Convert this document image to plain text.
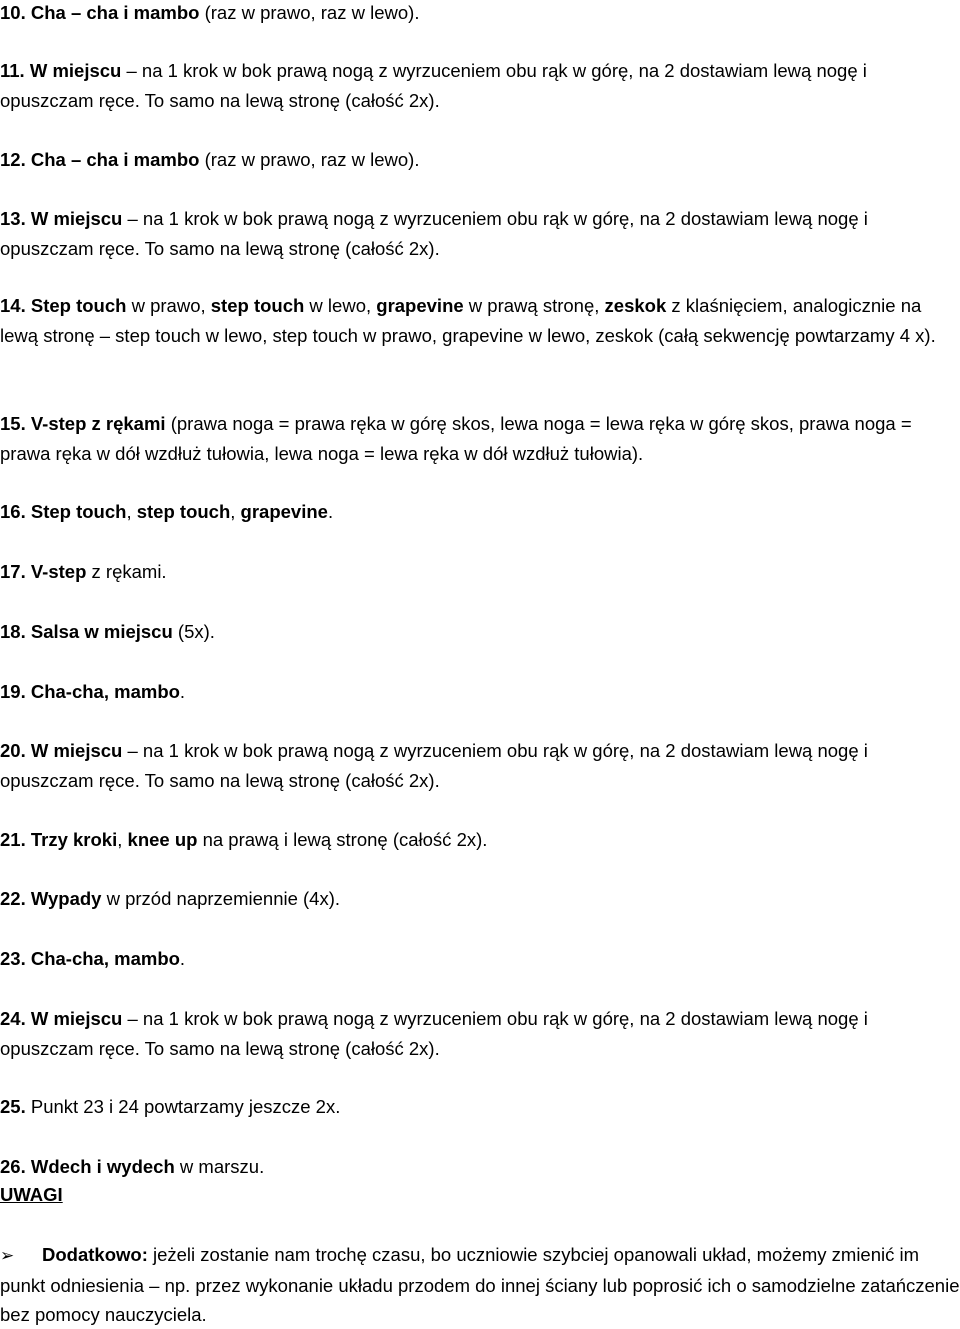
10. Cha – cha i mambo (raz w prawo, raz w lewo).
11. W miejscu – na 1 krok w bok prawą nogą z wyrzuceniem obu rąk w górę, na 2 dostawiam lewą nogę i opuszczam ręce. To samo na lewą stronę (całość 2x).
12. Cha – cha i mambo (raz w prawo, raz w lewo).
13. W miejscu – na 1 krok w bok prawą nogą z wyrzuceniem obu rąk w górę, na 2 dostawiam lewą nogę i opuszczam ręce. To samo na lewą stronę (całość 2x).
14. Step touch w prawo, step touch w lewo, grapevine w prawą stronę, zeskok z klaśnięciem, analogicznie na lewą stronę – step touch w lewo, step touch w prawo, grapevine w lewo, zeskok (całą sekwencję powtarzamy 4 x).
15. V-step z rękami (prawa noga = prawa ręka w górę skos, lewa noga = lewa ręka w górę skos, prawa noga = prawa ręka w dół wzdłuż tułowia, lewa noga = lewa ręka w dół wzdłuż tułowia).
16. Step touch, step touch, grapevine.
17. V-step z rękami.
18. Salsa w miejscu (5x).
19. Cha-cha, mambo.
20. W miejscu – na 1 krok w bok prawą nogą z wyrzuceniem obu rąk w górę, na 2 dostawiam lewą nogę i opuszczam ręce. To samo na lewą stronę (całość 2x).
21. Trzy kroki, knee up na prawą i lewą stronę (całość 2x).
22. Wypady w przód naprzemiennie (4x).
23. Cha-cha, mambo.
24. W miejscu – na 1 krok w bok prawą nogą z wyrzuceniem obu rąk w górę, na 2 dostawiam lewą nogę i opuszczam ręce. To samo na lewą stronę (całość 2x).
25. Punkt 23 i 24 powtarzamy jeszcze 2x.
26. Wdech i wydech w marszu.
UWAGI
➢ Dodatkowo: jeżeli zostanie nam trochę czasu, bo uczniowie szybciej opanowali układ, możemy zmienić im punkt odniesienia – np. przez wykonanie układu przodem do innej ściany lub poprosić ich o samodzielne zatańczenie bez pomocy nauczyciela.
